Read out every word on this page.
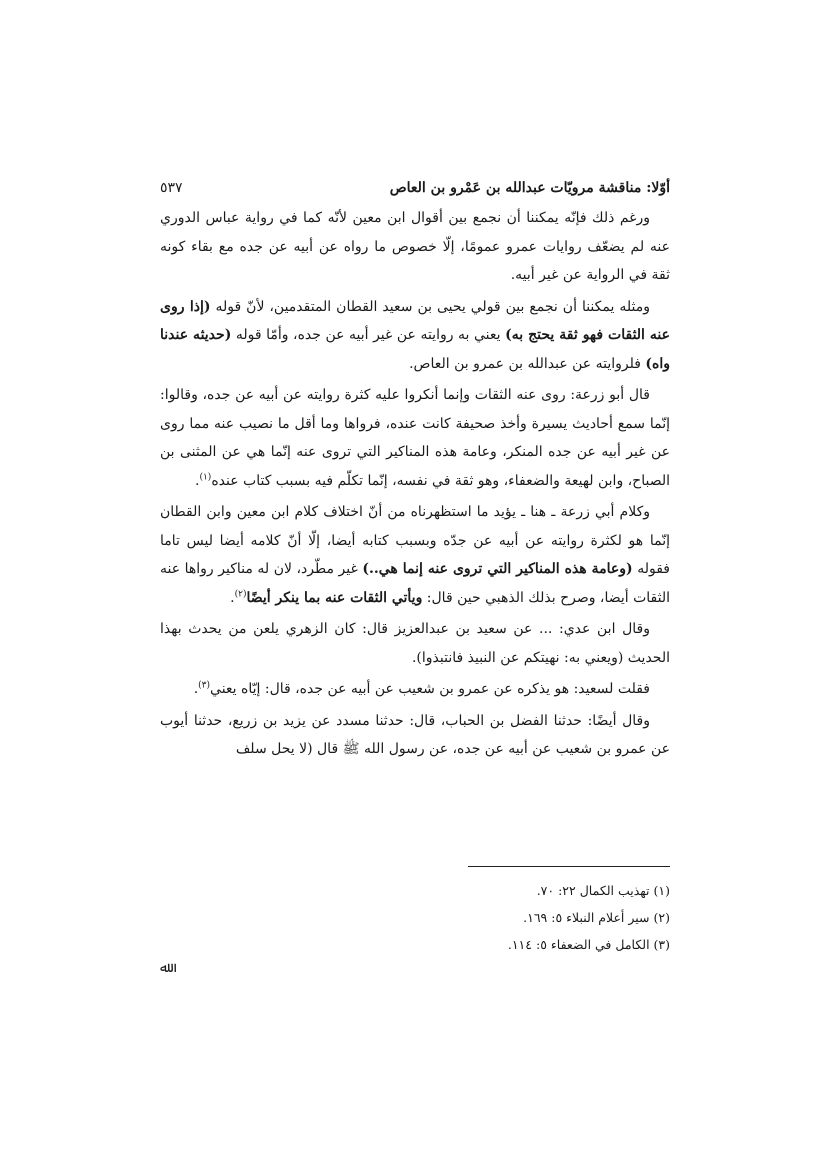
أوّلا: مناقشة مرويّات عبدالله بن عَمْرو بن العاص
٥٣٧

ورغم ذلك فإنّه يمكننا أن نجمع بين أقوال ابن معين لأنّه كما في رواية عباس الدوري عنه لم يضعّف روايات عمرو عمومًا، إلّا خصوص ما رواه عن أبيه عن جده مع بقاء كونه ثقة في الرواية عن غير أبيه.

ومثله يمكننا أن نجمع بين قولي يحيى بن سعيد القطان المتقدمين، لأنّ قوله (إذا روى عنه الثقات فهو ثقة يحتج به) يعني به روايته عن غير أبيه عن جده، وأمّا قوله (حديثه عندنا واه) فلروايته عن عبدالله بن عمرو بن العاص.

قال أبو زرعة: روى عنه الثقات وإنما أنكروا عليه كثرة روايته عن أبيه عن جده، وقالوا: إنّما سمع أحاديث يسيرة وأخذ صحيفة كانت عنده، فرواها وما أقل ما نصيب عنه مما روى عن غير أبيه عن جده المنكر، وعامة هذه المناكير التي تروى عنه إنّما هي عن المثنى بن الصباح، وابن لهيعة والضعفاء، وهو ثقة في نفسه، إنّما تكلّم فيه بسبب كتاب عنده$^{(١)}$.

وكلام أبي زرعة ـ هنا ـ يؤيد ما استظهرناه من أنّ اختلاف كلام ابن معين وابن القطان إنّما هو لكثرة روايته عن أبيه عن جدّه وبسبب كتابه أيضا، إلّا أنّ كلامه أيضا ليس تاما فقوله (وعامة هذه المناكير التي تروى عنه إنما هي..) غير مطّرد، لان له مناكير رواها عنه الثقات أيضا، وصرح بذلك الذهبي حين قال: ويأتي الثقات عنه بما ينكر أيضًا$^{(٢)}$.

وقال ابن عدي: ... عن سعيد بن عبدالعزيز قال: كان الزهري يلعن من يحدث بهذا الحديث (ويعني به: نهيتكم عن النبيذ فانتبذوا).

فقلت لسعيد: هو يذكره عن عمرو بن شعيب عن أبيه عن جده، قال: إيّاه يعني$^{(٣)}$.

وقال أيضًا: حدثنا الفضل بن الحباب، قال: حدثنا مسدد عن يزيد بن زريع، حدثنا أيوب عن عمرو بن شعيب عن أبيه عن جده، عن رسول الله ﷺ قال (لا يحل سلف

(١) تهذيب الكمال ٢٢: ٧٠.
(٢) سير أعلام النبلاء ٥: ١٦٩.
(٣) الكامل في الضعفاء ٥: ١١٤.
ﷲ
